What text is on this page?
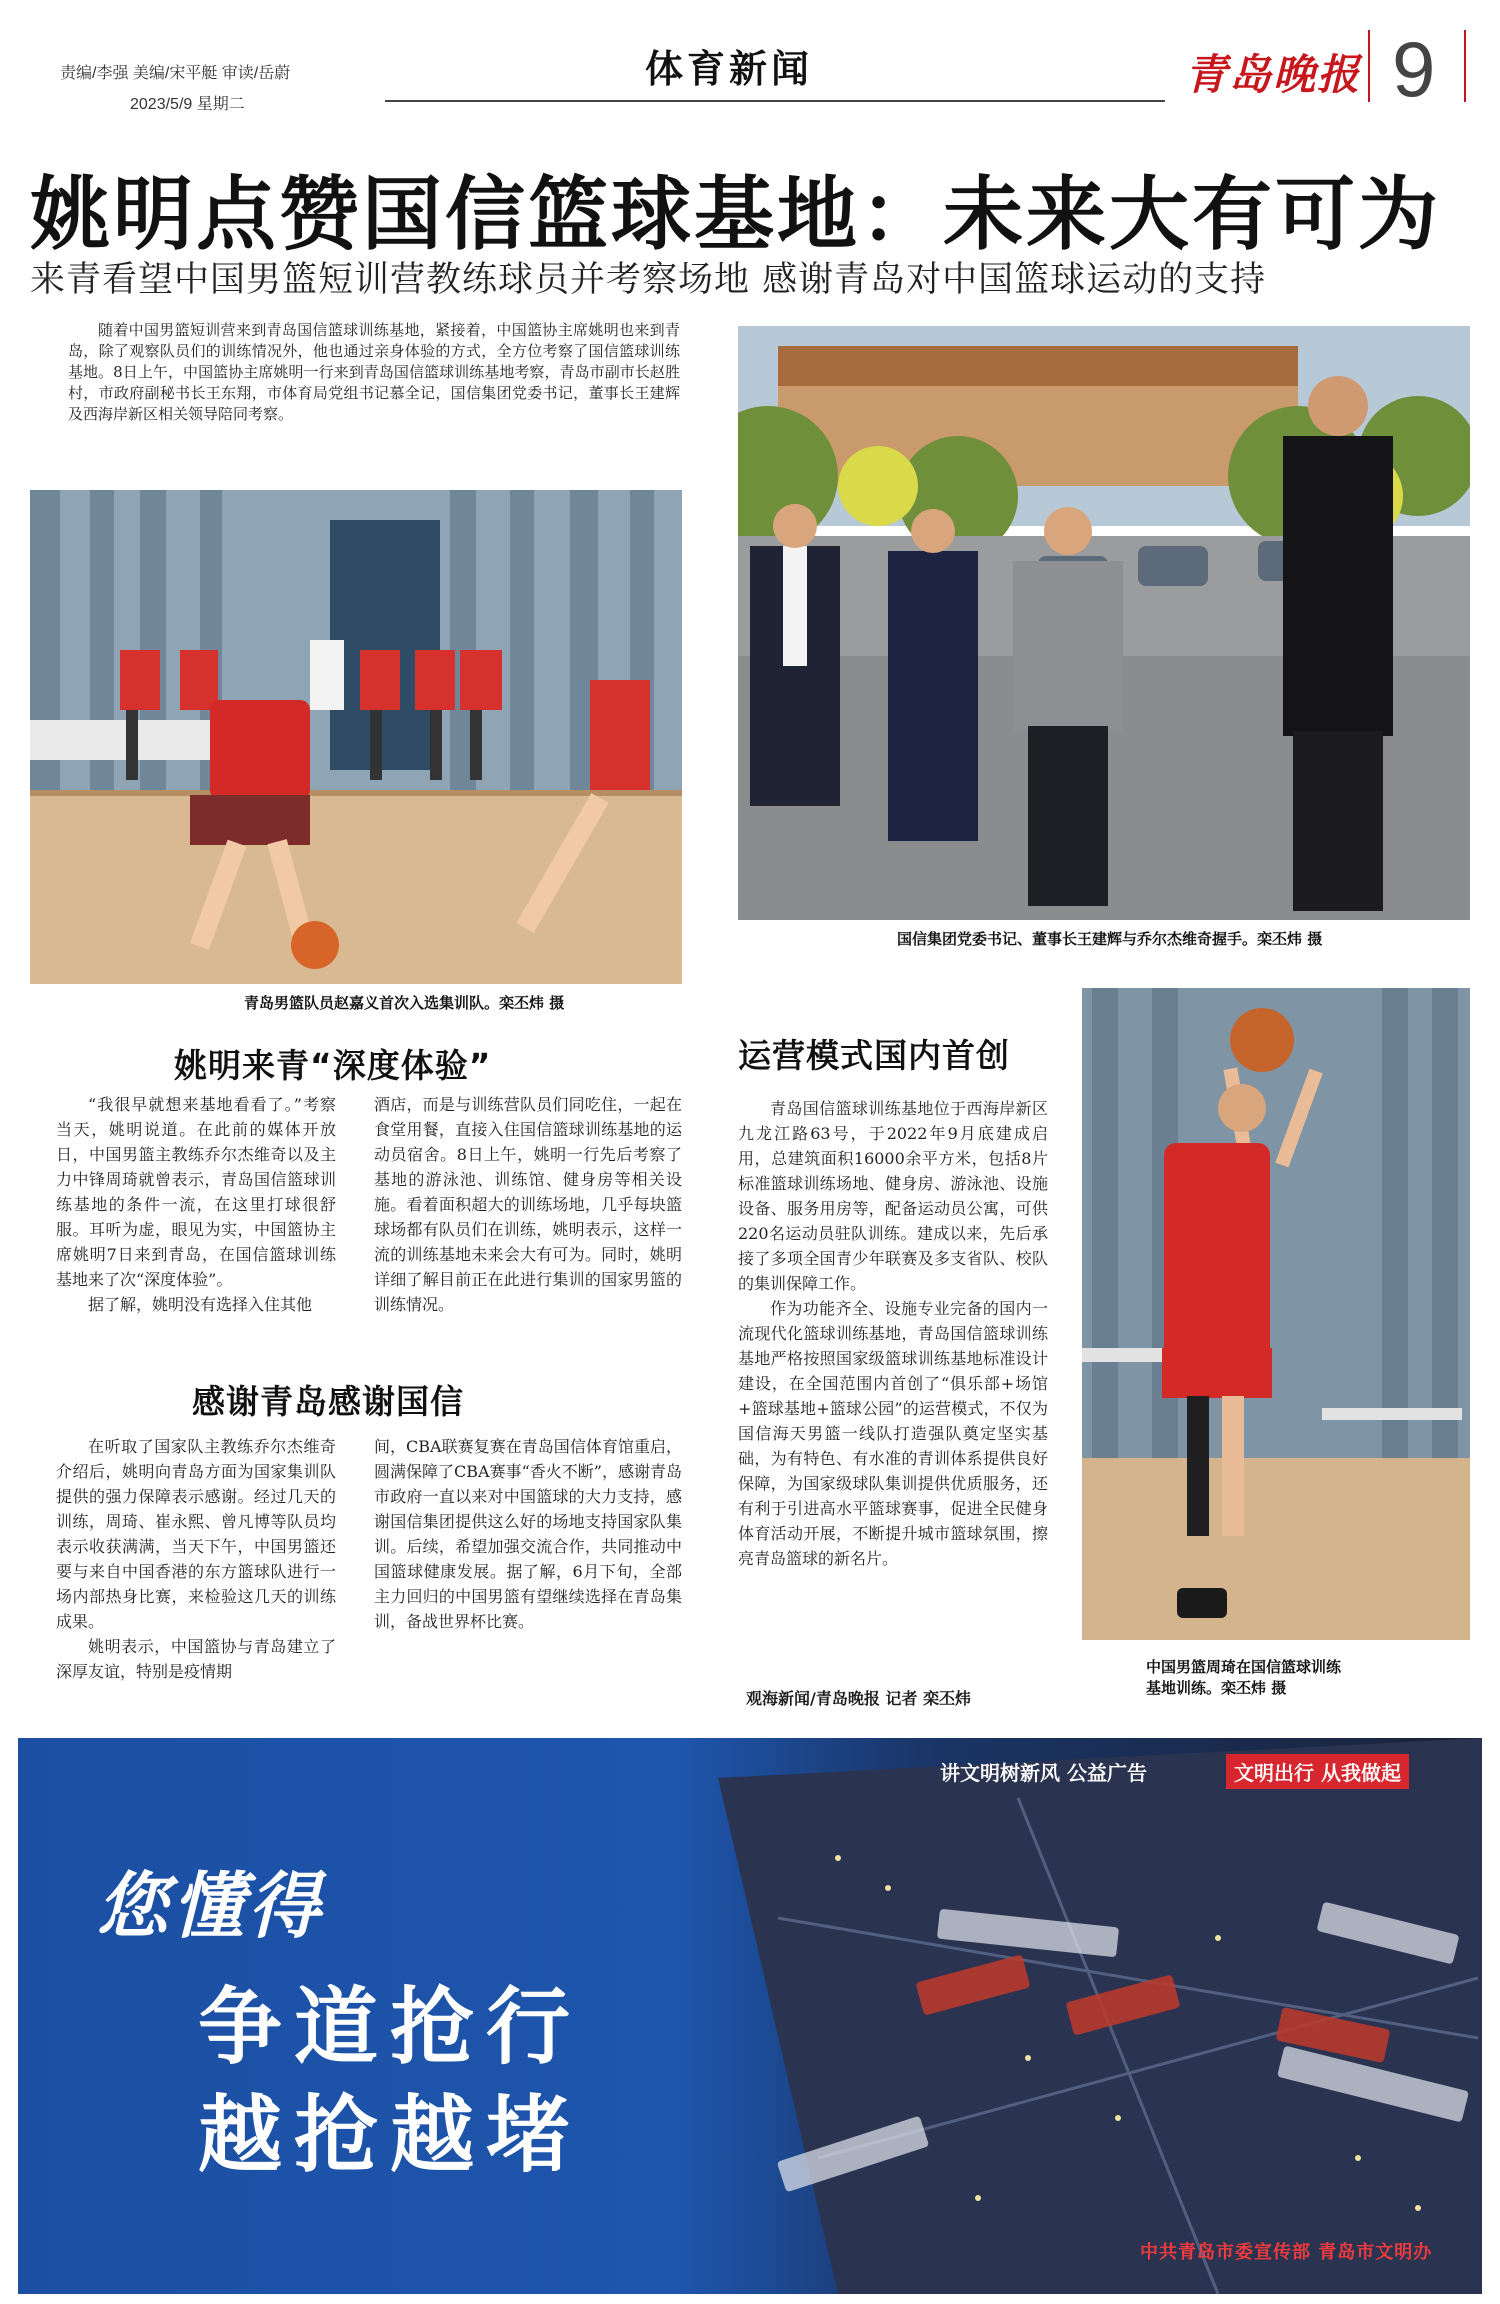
责编/李强 美编/宋平艇 审读/岳蔚
2023/5/9 星期二
体育新闻	青岛晚报 9
姚明点赞国信篮球基地：未来大有可为
来青看望中国男篮短训营教练球员并考察场地 感谢青岛对中国篮球运动的支持

随着中国男篮短训营来到青岛国信篮球训练基地，紧接着，中国篮协主席姚明也来到青岛，除了观察队员们的训练情况外，他也通过亲身体验的方式，全方位考察了国信篮球训练基地。8日上午，中国篮协主席姚明一行来到青岛国信篮球训练基地考察，青岛市副市长赵胜村，市政府副秘书长王东翔，市体育局党组书记慕全记，国信集团党委书记，董事长王建辉及西海岸新区相关领导陪同考察。

青岛男篮队员赵嘉义首次入选集训队。栾丕炜 摄
国信集团党委书记、董事长王建辉与乔尔杰维奇握手。栾丕炜 摄
姚明来青“深度体验”

“我很早就想来基地看看了。”考察当天，姚明说道。在此前的媒体开放日，中国男篮主教练乔尔杰维奇以及主力中锋周琦就曾表示，青岛国信篮球训练基地的条件一流，在这里打球很舒服。耳听为虚，眼见为实，中国篮协主席姚明7日来到青岛，在国信篮球训练基地来了次“深度体验”。

据了解，姚明没有选择入住其他

酒店，而是与训练营队员们同吃住，一起在食堂用餐，直接入住国信篮球训练基地的运动员宿舍。8日上午，姚明一行先后考察了基地的游泳池、训练馆、健身房等相关设施。看着面积超大的训练场地，几乎每块篮球场都有队员们在训练，姚明表示，这样一流的训练基地未来会大有可为。同时，姚明详细了解目前正在此进行集训的国家男篮的训练情况。

感谢青岛感谢国信

在听取了国家队主教练乔尔杰维奇介绍后，姚明向青岛方面为国家集训队提供的强力保障表示感谢。经过几天的训练，周琦、崔永熙、曾凡博等队员均表示收获满满，当天下午，中国男篮还要与来自中国香港的东方篮球队进行一场内部热身比赛，来检验这几天的训练成果。

姚明表示，中国篮协与青岛建立了深厚友谊，特别是疫情期

间，CBA联赛复赛在青岛国信体育馆重启，圆满保障了CBA赛事“香火不断”，感谢青岛市政府一直以来对中国篮球的大力支持，感谢国信集团提供这么好的场地支持国家队集训。后续，希望加强交流合作，共同推动中国篮球健康发展。据了解，6月下旬，全部主力回归的中国男篮有望继续选择在青岛集训，备战世界杯比赛。

运营模式国内首创

青岛国信篮球训练基地位于西海岸新区九龙江路63号，于2022年9月底建成启用，总建筑面积16000余平方米，包括8片标准篮球训练场地、健身房、游泳池、设施设备、服务用房等，配备运动员公寓，可供220名运动员驻队训练。建成以来，先后承接了多项全国青少年联赛及多支省队、校队的集训保障工作。

作为功能齐全、设施专业完备的国内一流现代化篮球训练基地，青岛国信篮球训练基地严格按照国家级篮球训练基地标准设计建设，在全国范围内首创了“俱乐部+场馆+篮球基地+篮球公园”的运营模式，不仅为国信海天男篮一线队打造强队奠定坚实基础，为有特色、有水准的青训体系提供良好保障，为国家级球队集训提供优质服务，还有利于引进高水平篮球赛事，促进全民健身体育活动开展，不断提升城市篮球氛围，擦亮青岛篮球的新名片。

观海新闻/青岛晚报 记者 栾丕炜
中国男篮周琦在国信篮球训练
基地训练。栾丕炜 摄
讲文明树新风 公益广告	文明出行 从我做起
您懂得
争道抢行
越抢越堵
中共青岛市委宣传部 青岛市文明办
